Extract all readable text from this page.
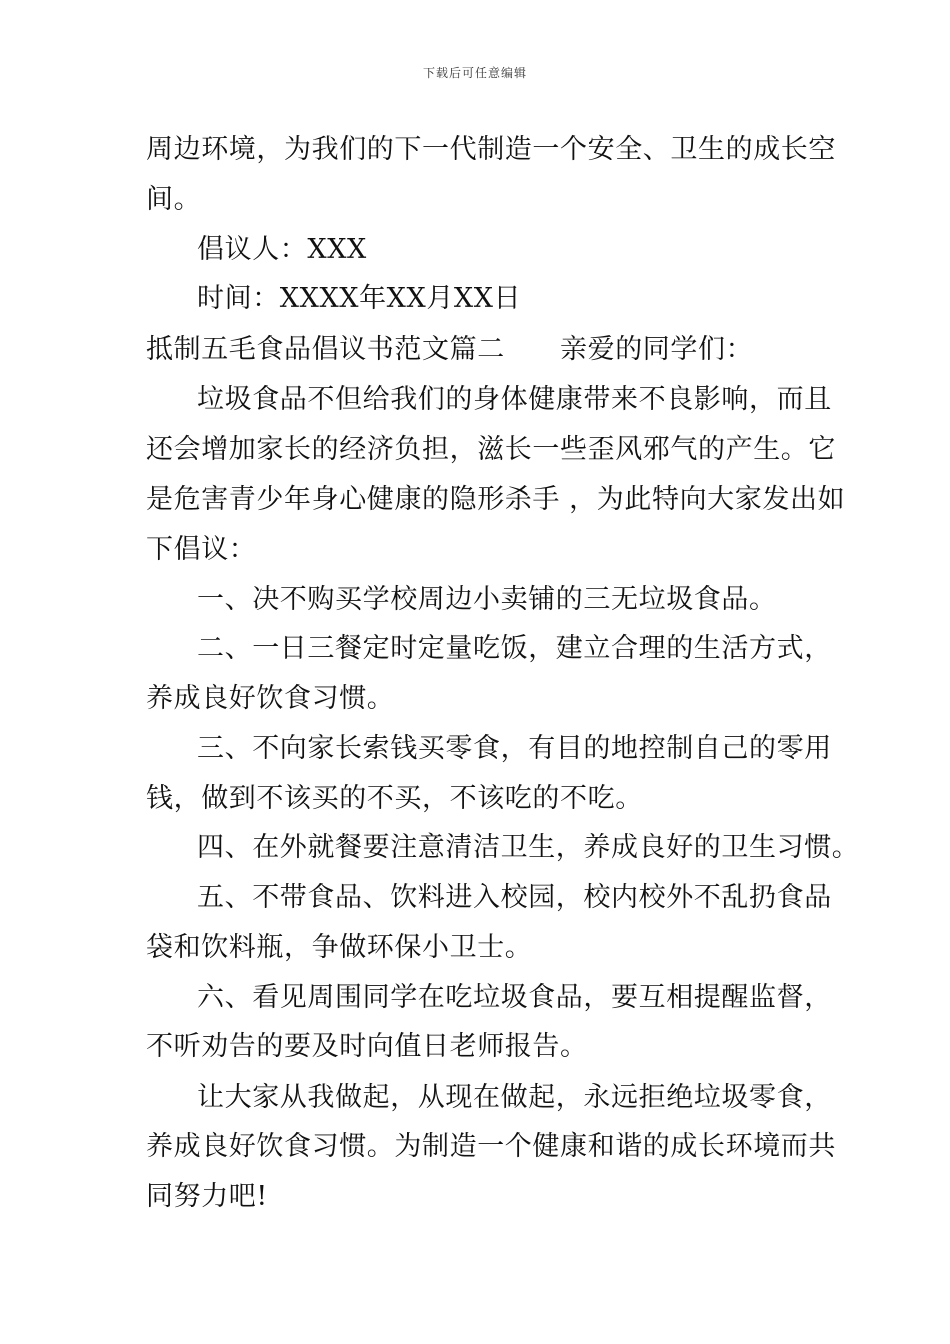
下载后可任意编辑
周边环境，为我们的下一代制造一个安全、卫生的成长空
间。
倡议人：XXX
时间：XXXX年XX月XX日
抵制五毛食品倡议书范文篇二　　亲爱的同学们：
垃圾食品不但给我们的身体健康带来不良影响，而且
还会增加家长的经济负担，滋长一些歪风邪气的产生。它
是危害青少年身心健康的隐形杀手 ，为此特向大家发出如
下倡议：
一、决不购买学校周边小卖铺的三无垃圾食品。
二、一日三餐定时定量吃饭，建立合理的生活方式，
养成良好饮食习惯。
三、不向家长索钱买零食，有目的地控制自己的零用
钱，做到不该买的不买，不该吃的不吃。
四、在外就餐要注意清洁卫生，养成良好的卫生习惯。
五、不带食品、饮料进入校园，校内校外不乱扔食品
袋和饮料瓶，争做环保小卫士。
六、看见周围同学在吃垃圾食品，要互相提醒监督，
不听劝告的要及时向值日老师报告。
让大家从我做起，从现在做起，永远拒绝垃圾零食，
养成良好饮食习惯。为制造一个健康和谐的成长环境而共
同努力吧!
